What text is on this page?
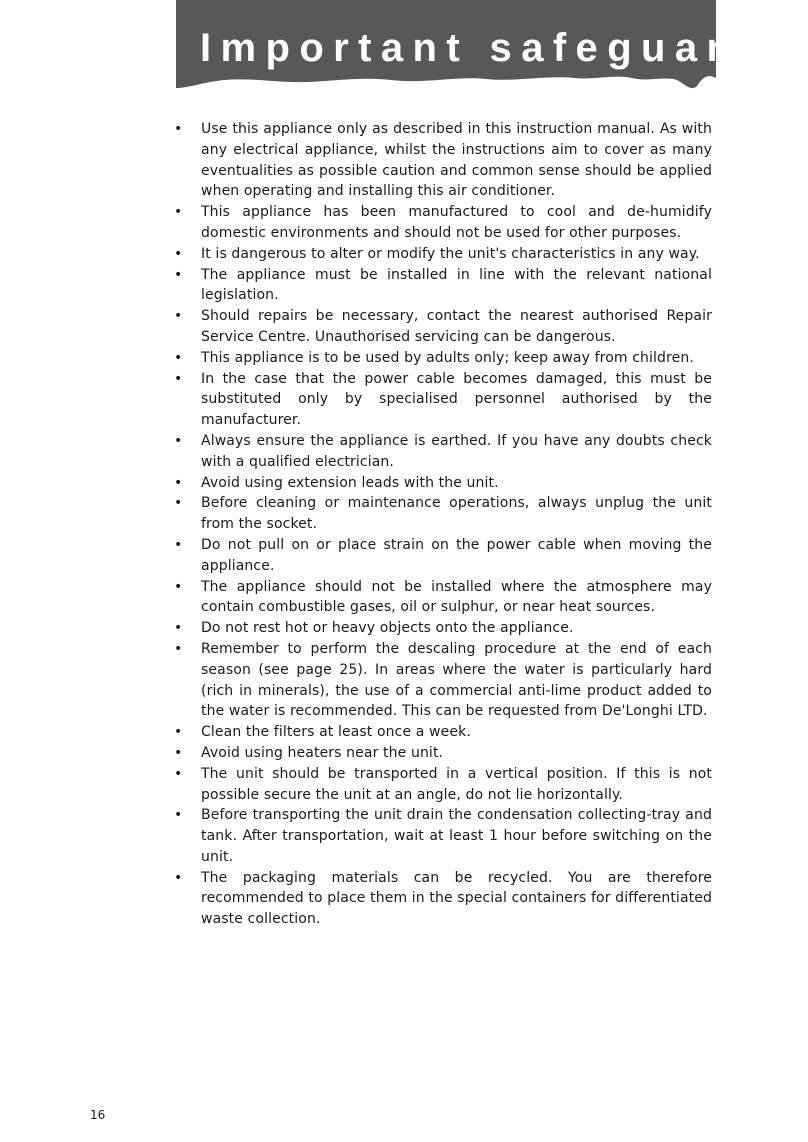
Important safeguards
• Use this appliance only as described in this instruction manual. As with any electrical appliance, whilst the instructions aim to cover as many eventualities as possible caution and common sense should be applied when operating and installing this air conditioner.
• This appliance has been manufactured to cool and de-humidify domestic environments and should not be used for other purposes.
• It is dangerous to alter or modify the unit's characteristics in any way.
• The appliance must be installed in line with the relevant national legislation.
• Should repairs be necessary, contact the nearest authorised Repair Service Centre. Unauthorised servicing can be dangerous.
• This appliance is to be used by adults only; keep away from children.
• In the case that the power cable becomes damaged, this must be substituted only by specialised personnel authorised by the manufacturer.
• Always ensure the appliance is earthed. If you have any doubts check with a qualified electrician.
• Avoid using extension leads with the unit.
• Before cleaning or maintenance operations, always unplug the unit from the socket.
• Do not pull on or place strain on the power cable when moving the appliance.
• The appliance should not be installed where the atmosphere may contain combustible gases, oil or sulphur, or near heat sources.
• Do not rest hot or heavy objects onto the appliance.
• Remember to perform the descaling procedure at the end of each season (see page 25). In areas where the water is particularly hard (rich in minerals), the use of a commercial anti-lime product added to the water is recommended. This can be requested from De'Longhi LTD.
• Clean the filters at least once a week.
• Avoid using heaters near the unit.
• The unit should be transported in a vertical position. If this is not possible secure the unit at an angle, do not lie horizontally.
• Before transporting the unit drain the condensation collecting-tray and tank. After transportation, wait at least 1 hour before switching on the unit.
• The packaging materials can be recycled. You are therefore recommended to place them in the special containers for differentiated waste collection.

16
